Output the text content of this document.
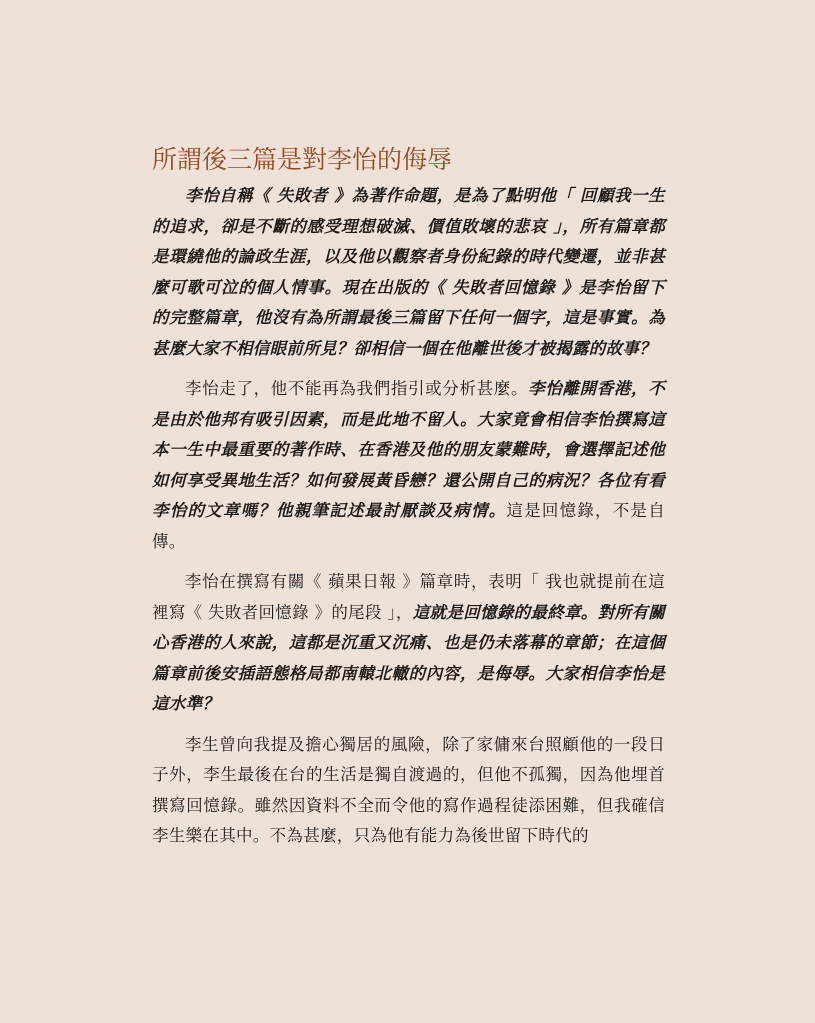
所謂後三篇是對李怡的侮辱

李怡自稱《 失敗者 》為著作命題，是為了點明他「 回顧我一生的追求，卻是不斷的感受理想破滅、價值敗壞的悲哀 」，所有篇章都是環繞他的論政生涯，以及他以觀察者身份紀錄的時代變遷，並非甚麼可歌可泣的個人情事。現在出版的《 失敗者回憶錄 》是李怡留下的完整篇章，他沒有為所謂最後三篇留下任何一個字，這是事實。為甚麼大家不相信眼前所見？卻相信一個在他離世後才被揭露的故事？

李怡走了，他不能再為我們指引或分析甚麼。李怡離開香港，不是由於他邦有吸引因素，而是此地不留人。大家竟會相信李怡撰寫這本一生中最重要的著作時、在香港及他的朋友蒙難時，會選擇記述他如何享受異地生活？如何發展黃昏戀？還公開自己的病況？各位有看李怡的文章嗎？他親筆記述最討厭談及病情。這是回憶錄，不是自傳。

李怡在撰寫有關《 蘋果日報 》篇章時，表明「 我也就提前在這裡寫《 失敗者回憶錄 》的尾段 」，這就是回憶錄的最終章。對所有關心香港的人來說，這都是沉重又沉痛、也是仍未落幕的章節；在這個篇章前後安插語態格局都南轅北轍的內容，是侮辱。大家相信李怡是這水準？

李生曾向我提及擔心獨居的風險，除了家傭來台照顧他的一段日子外，李生最後在台的生活是獨自渡過的，但他不孤獨，因為他埋首撰寫回憶錄。雖然因資料不全而令他的寫作過程徒添困難，但我確信李生樂在其中。不為甚麼，只為他有能力為後世留下時代的
